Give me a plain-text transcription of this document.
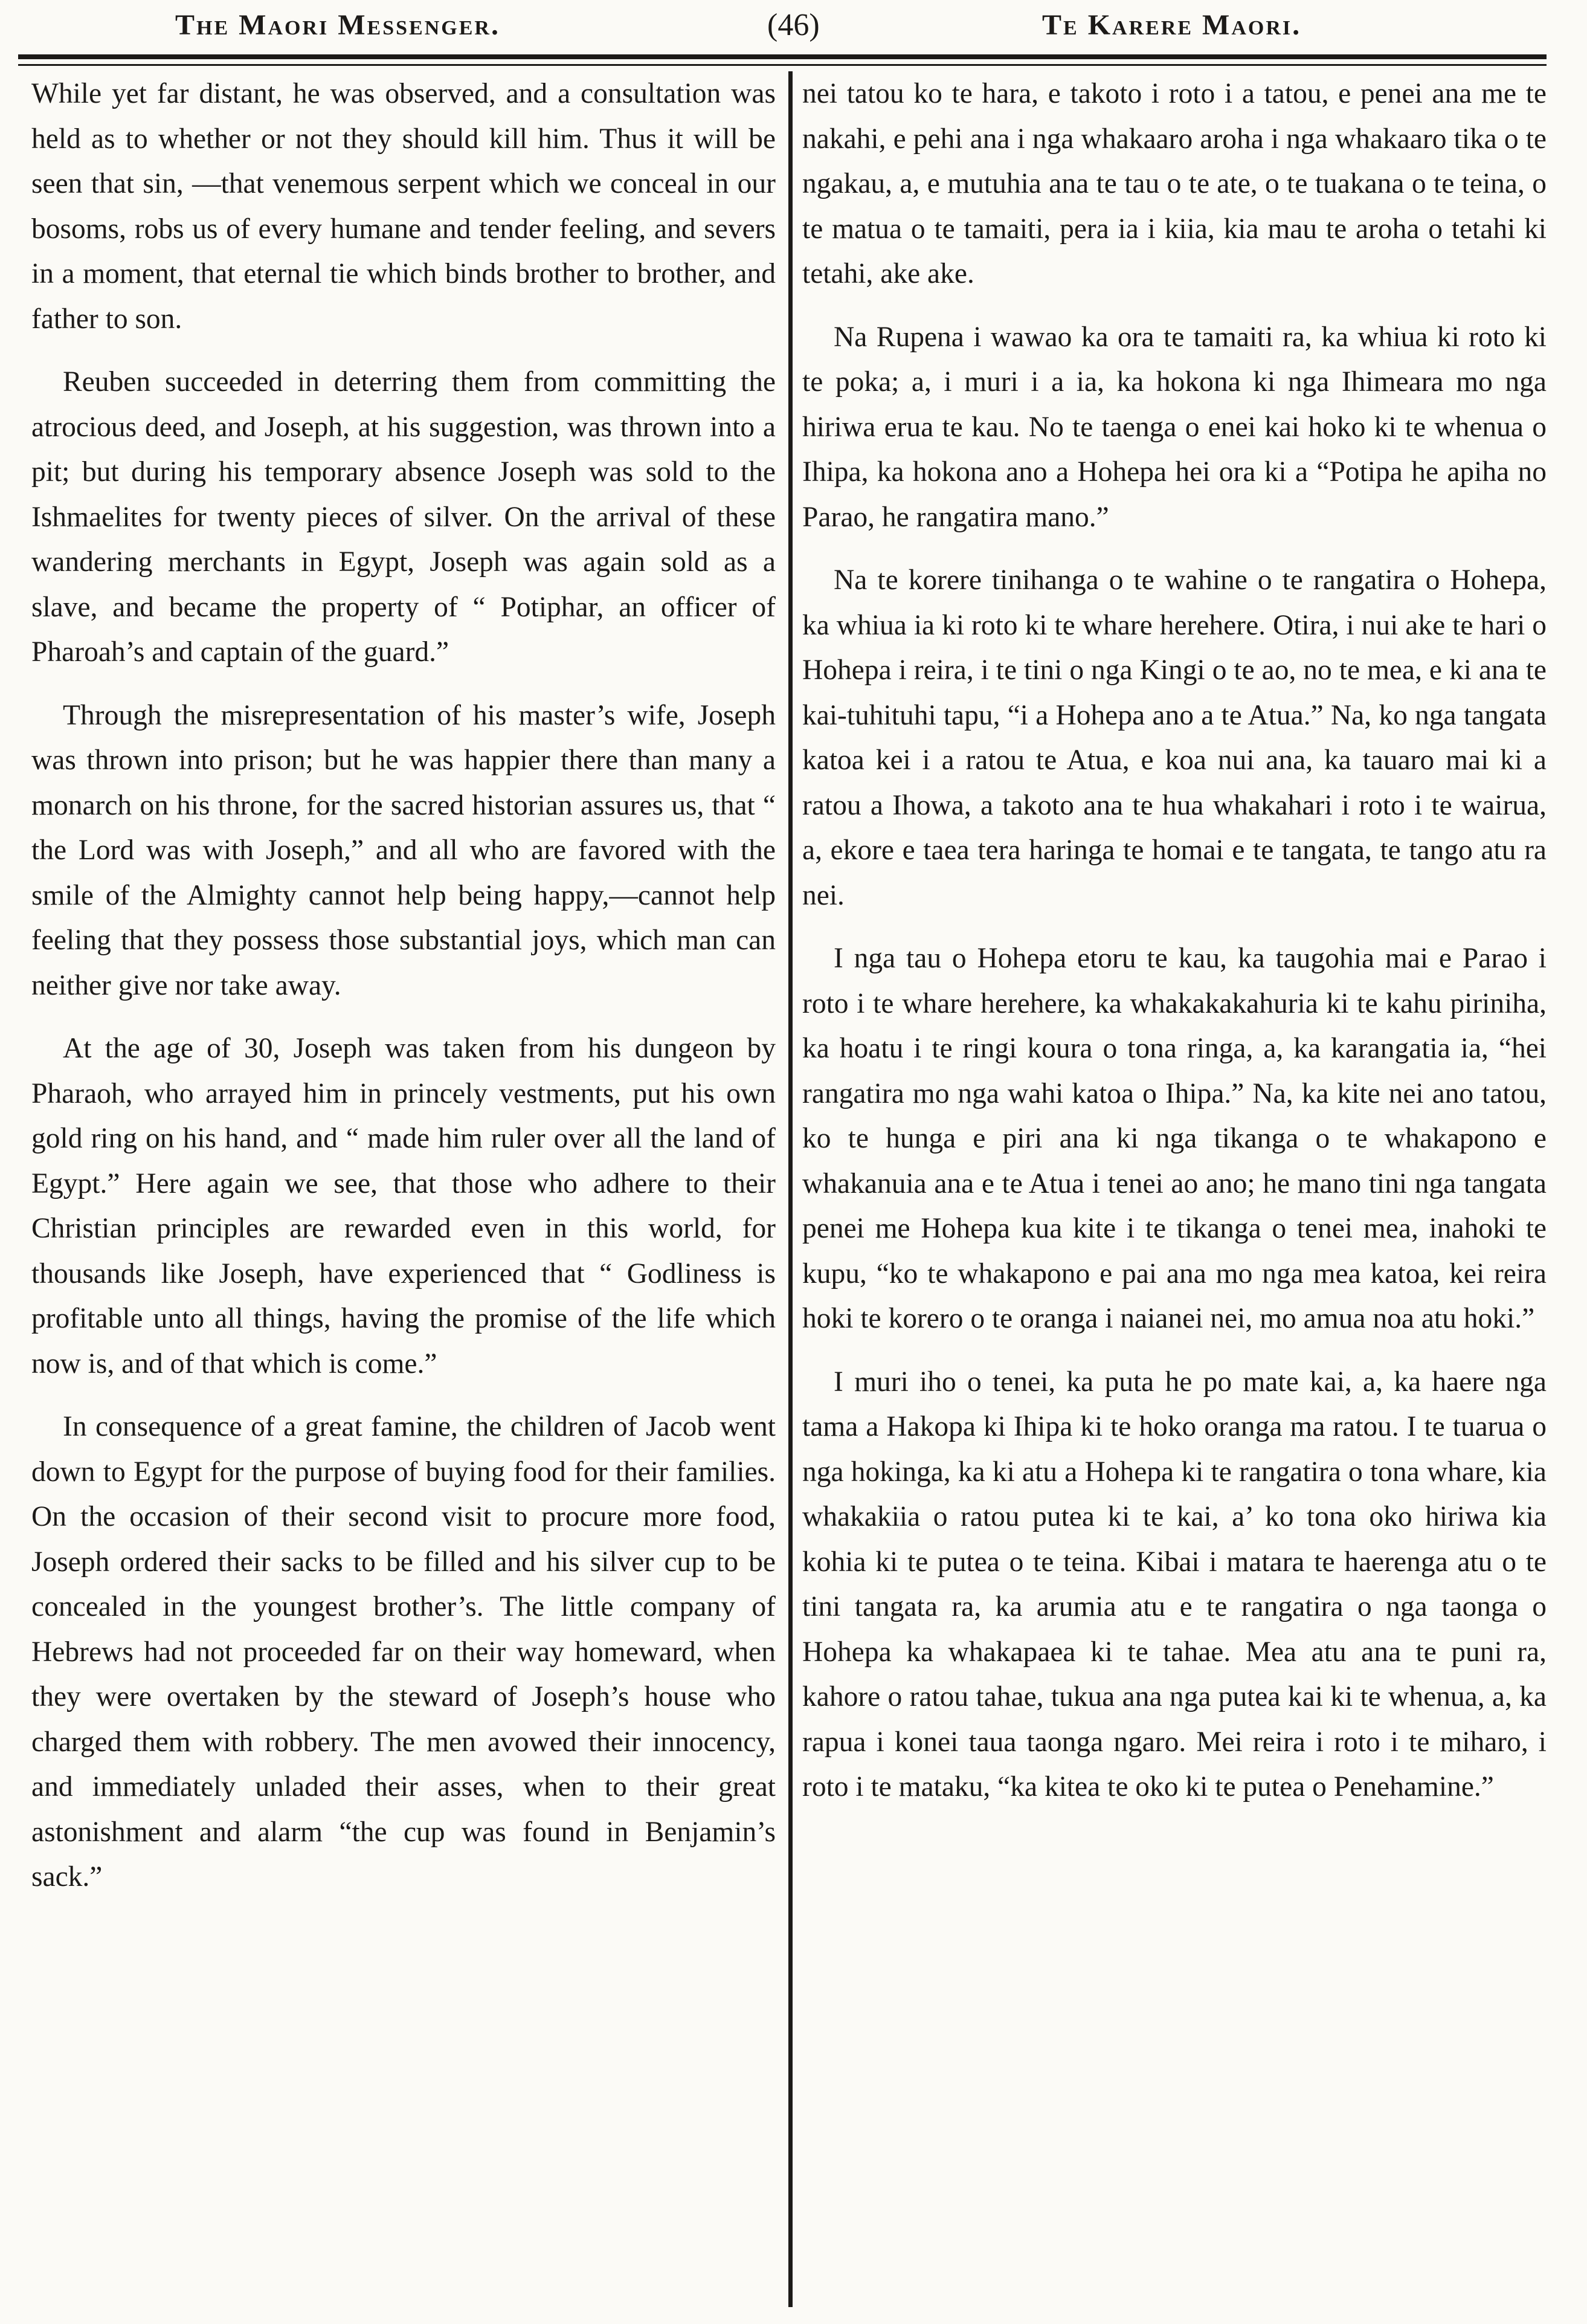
The Maori Messenger.	(46)	Te Karere Maori.

While yet far distant, he was observed, and a consultation was held as to whether or not they should kill him. Thus it will be seen that sin, —that venemous serpent which we conceal in our bosoms, robs us of every humane and tender feeling, and severs in a moment, that eternal tie which binds brother to brother, and father to son.

Reuben succeeded in deterring them from committing the atrocious deed, and Joseph, at his suggestion, was thrown into a pit; but during his temporary absence Joseph was sold to the Ishmaelites for twenty pieces of silver. On the arrival of these wandering merchants in Egypt, Joseph was again sold as a slave, and became the property of “ Potiphar, an officer of Pharoah’s and captain of the guard.”

Through the misrepresentation of his master’s wife, Joseph was thrown into prison; but he was happier there than many a monarch on his throne, for the sacred historian assures us, that “ the Lord was with Joseph,” and all who are favored with the smile of the Almighty cannot help being happy,—cannot help feeling that they possess those substantial joys, which man can neither give nor take away.

At the age of 30, Joseph was taken from his dungeon by Pharaoh, who arrayed him in princely vestments, put his own gold ring on his hand, and “ made him ruler over all the land of Egypt.” Here again we see, that those who adhere to their Christian principles are rewarded even in this world, for thousands like Joseph, have experienced that “ Godliness is profitable unto all things, having the promise of the life which now is, and of that which is come.”

In consequence of a great famine, the children of Jacob went down to Egypt for the purpose of buying food for their families. On the occasion of their second visit to procure more food, Joseph ordered their sacks to be filled and his silver cup to be concealed in the youngest brother’s. The little company of Hebrews had not proceeded far on their way homeward, when they were overtaken by the steward of Joseph’s house who charged them with robbery. The men avowed their innocency, and immediately unladed their asses, when to their great astonishment and alarm “the cup was found in Benjamin’s sack.”

nei tatou ko te hara, e takoto i roto i a tatou, e penei ana me te nakahi, e pehi ana i nga whakaaro aroha i nga whakaaro tika o te ngakau, a, e mutuhia ana te tau o te ate, o te tuakana o te teina, o te matua o te tamaiti, pera ia i kiia, kia mau te aroha o tetahi ki tetahi, ake ake.

Na Rupena i wawao ka ora te tamaiti ra, ka whiua ki roto ki te poka; a, i muri i a ia, ka hokona ki nga Ihimeara mo nga hiriwa erua te kau. No te taenga o enei kai hoko ki te whenua o Ihipa, ka hokona ano a Hohepa hei ora ki a “Potipa he apiha no Parao, he rangatira mano.”

Na te korere tinihanga o te wahine o te rangatira o Hohepa, ka whiua ia ki roto ki te whare herehere. Otira, i nui ake te hari o Hohepa i reira, i te tini o nga Kingi o te ao, no te mea, e ki ana te kai-tuhituhi tapu, “i a Hohepa ano a te Atua.” Na, ko nga tangata katoa kei i a ratou te Atua, e koa nui ana, ka tauaro mai ki a ratou a Ihowa, a takoto ana te hua whakahari i roto i te wairua, a, ekore e taea tera haringa te homai e te tangata, te tango atu ra nei.

I nga tau o Hohepa etoru te kau, ka taugohia mai e Parao i roto i te whare herehere, ka whakakakahuria ki te kahu piriniha, ka hoatu i te ringi koura o tona ringa, a, ka karangatia ia, “hei rangatira mo nga wahi katoa o Ihipa.” Na, ka kite nei ano tatou, ko te hunga e piri ana ki nga tikanga o te whakapono e whakanuia ana e te Atua i tenei ao ano; he mano tini nga tangata penei me Hohepa kua kite i te tikanga o tenei mea, inahoki te kupu, “ko te whakapono e pai ana mo nga mea katoa, kei reira hoki te korero o te oranga i naianei nei, mo amua noa atu hoki.”

I muri iho o tenei, ka puta he po mate kai, a, ka haere nga tama a Hakopa ki Ihipa ki te hoko oranga ma ratou. I te tuarua o nga hokinga, ka ki atu a Hohepa ki te rangatira o tona whare, kia whakakiia o ratou putea ki te kai, a’ ko tona oko hiriwa kia kohia ki te putea o te teina. Kibai i matara te haerenga atu o te tini tangata ra, ka arumia atu e te rangatira o nga taonga o Hohepa ka whakapaea ki te tahae. Mea atu ana te puni ra, kahore o ratou tahae, tukua ana nga putea kai ki te whenua, a, ka rapua i konei taua taonga ngaro. Mei reira i roto i te miharo, i roto i te mataku, “ka kitea te oko ki te putea o Penehamine.”
